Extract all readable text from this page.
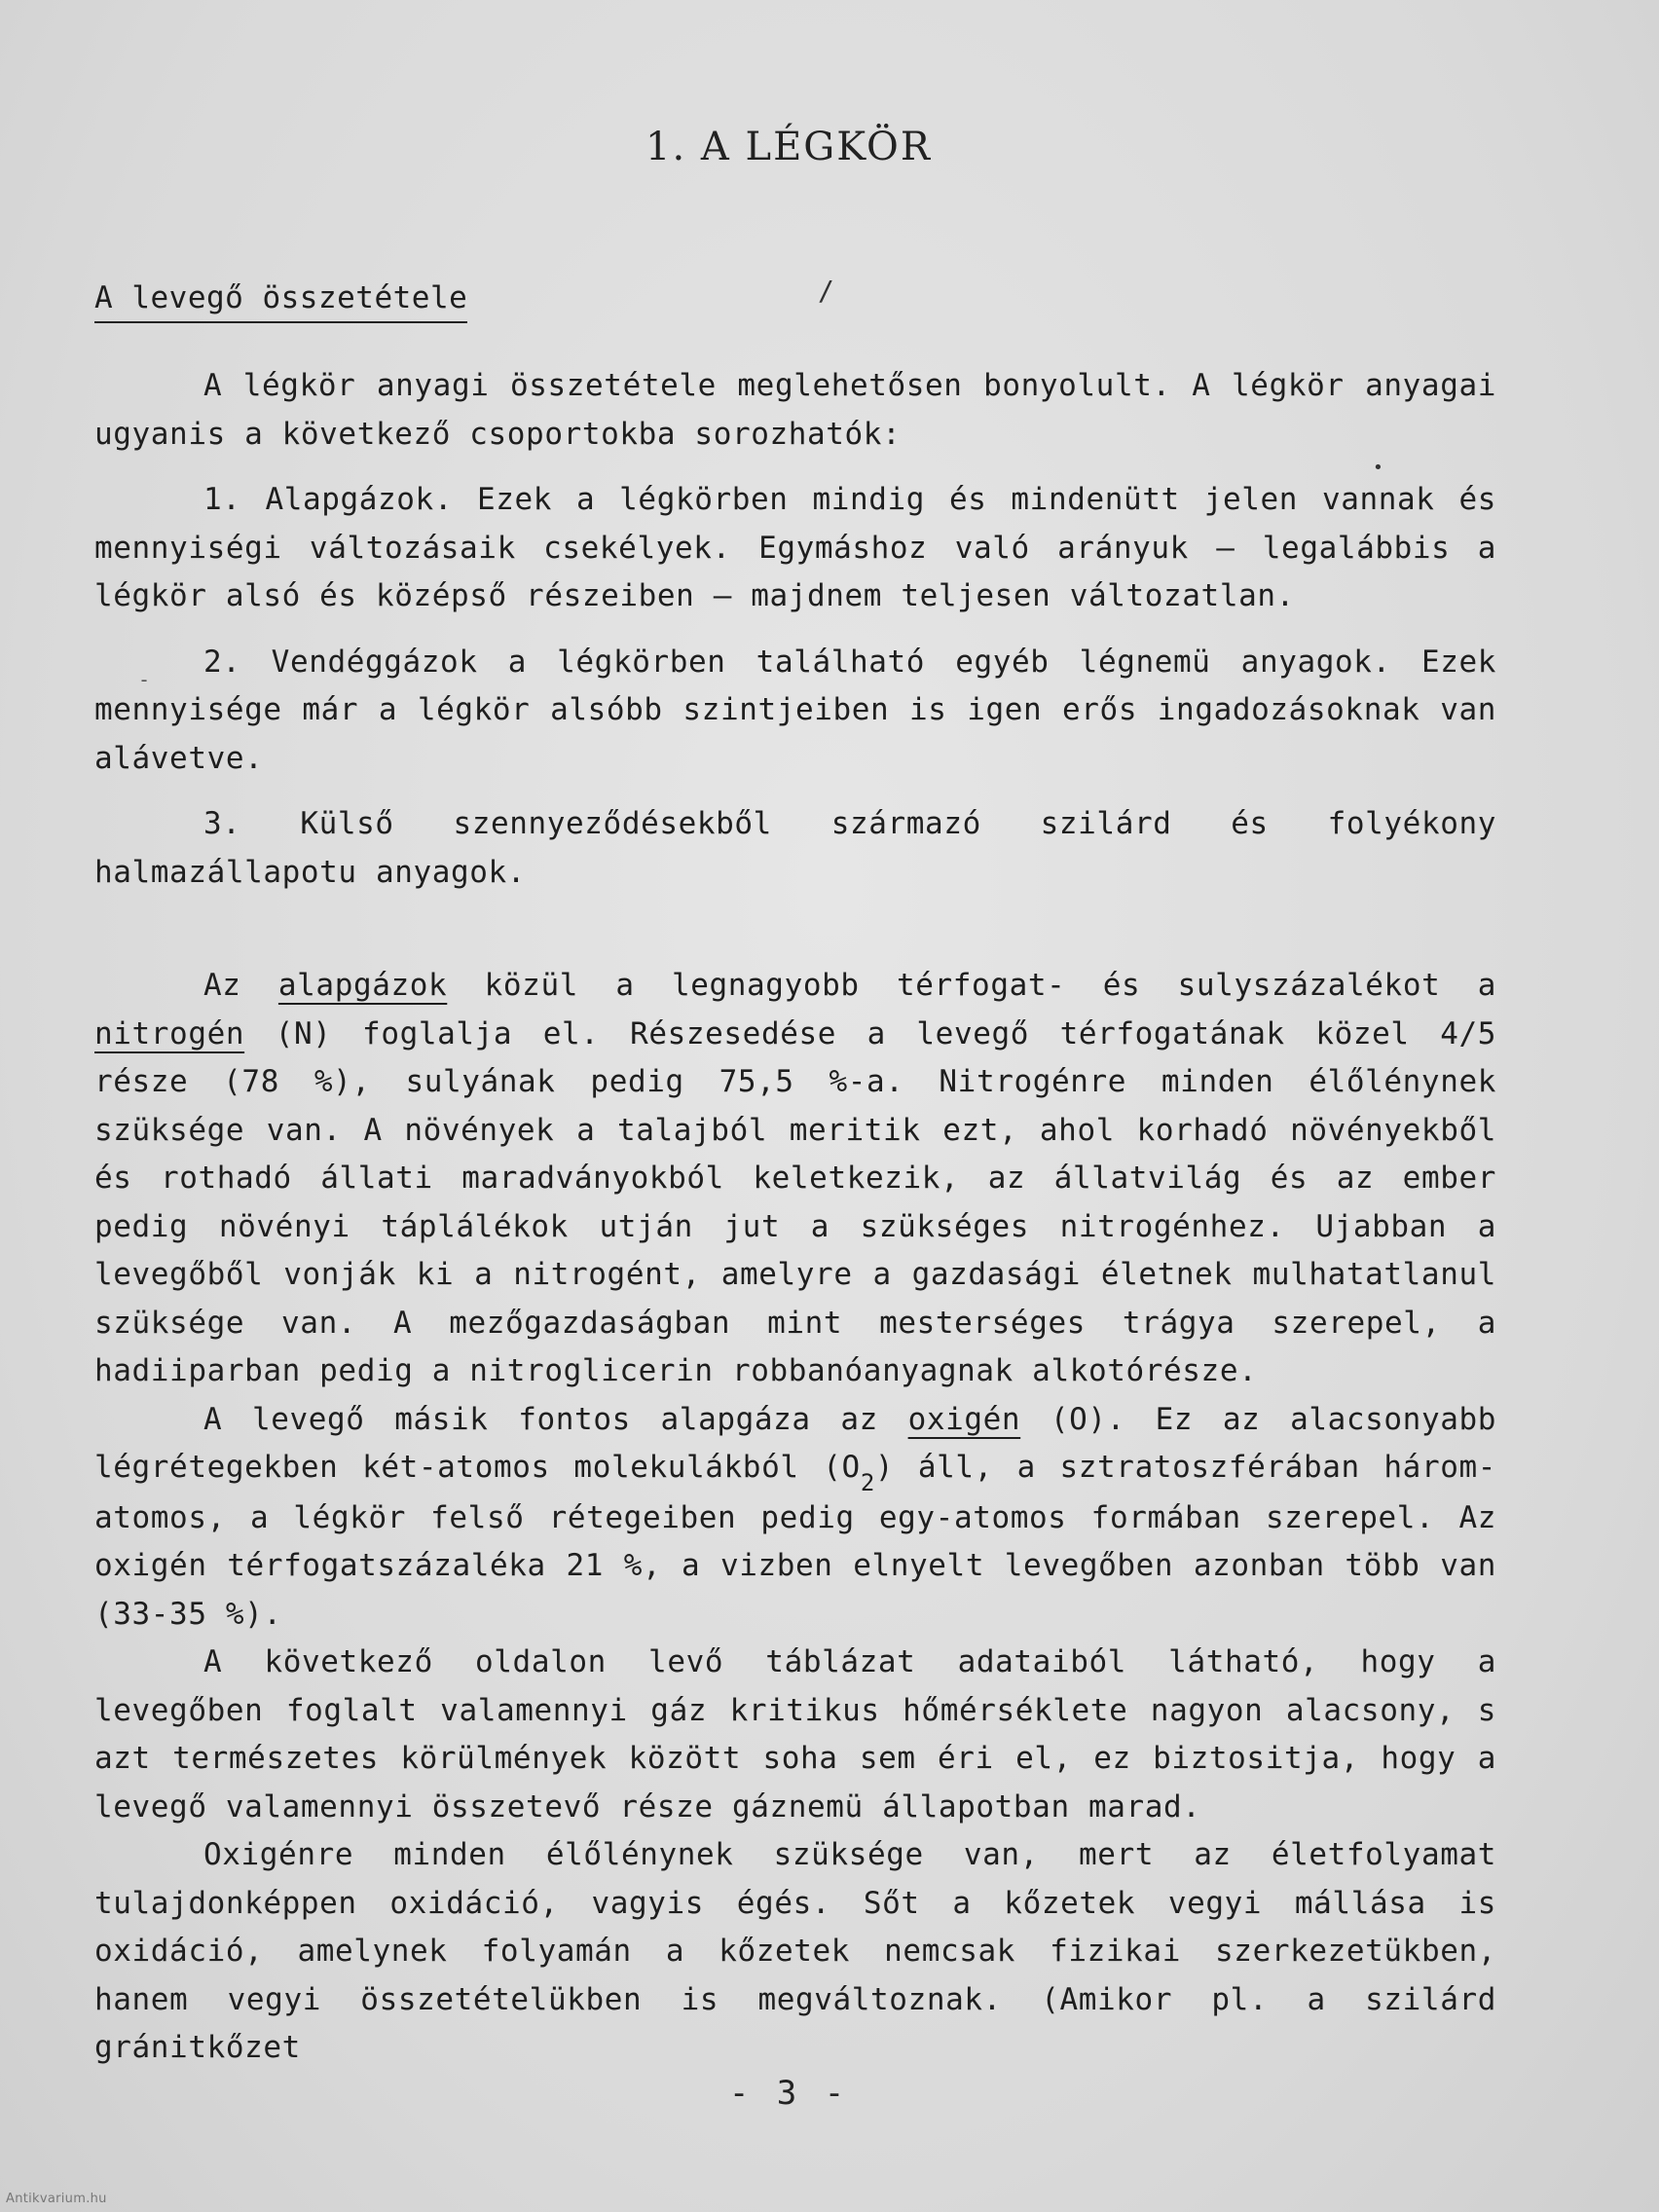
1. A LÉGKÖR
A levegő összetétele	/
•
-

A légkör anyagi összetétele meglehetősen bonyolult. A légkör anyagai ugyanis a következő csoportokba sorozhatók:

1. Alapgázok. Ezek a légkörben mindig és mindenütt jelen vannak és mennyiségi változásaik csekélyek. Egymáshoz való arányuk – legalábbis a légkör alsó és középső részeiben – majdnem teljesen változatlan.

2. Vendéggázok a légkörben található egyéb légnemü anyagok. Ezek mennyisége már a légkör alsóbb szintjeiben is igen erős ingadozásoknak van alávetve.

3. Külső szennyeződésekből származó szilárd és folyékony halmazállapotu anyagok.

Az alapgázok közül a legnagyobb térfogat- és sulyszázalékot a nitrogén (N) foglalja el. Részesedése a levegő térfogatának közel 4/5 része (78 %), sulyának pedig 75,5 %-a. Nitrogénre minden élőlénynek szüksége van. A növények a talajból meritik ezt, ahol korhadó növényekből és rothadó állati maradványokból keletkezik, az állatvilág és az ember pedig növényi táplálékok utján jut a szükséges nitrogénhez. Ujabban a levegőből vonják ki a nitrogént, amelyre a gazdasági életnek mulhatatlanul szüksége van. A mezőgazdaságban mint mesterséges trágya szerepel, a hadiiparban pedig a nitroglicerin robbanóanyagnak alkotórésze.

A levegő másik fontos alapgáza az oxigén (O). Ez az alacsonyabb légrétegekben két-atomos molekulákból $(O_2)$ áll, a sztratoszférában három-atomos, a légkör felső rétegeiben pedig egy-atomos formában szerepel. Az oxigén térfogatszázaléka 21 %, a vizben elnyelt levegőben azonban több van (33-35 %).

A következő oldalon levő táblázat adataiból látható, hogy a levegőben foglalt valamennyi gáz kritikus hőmérséklete nagyon alacsony, s azt természetes körülmények között soha sem éri el, ez biztositja, hogy a levegő valamennyi összetevő része gáznemü állapotban marad.

Oxigénre minden élőlénynek szüksége van, mert az életfolyamat tulajdonképpen oxidáció, vagyis égés. Sőt a kőzetek vegyi mállása is oxidáció, amelynek folyamán a kőzetek nemcsak fizikai szerkezetükben, hanem vegyi összetételükben is megváltoznak. (Amikor pl. a szilárd gránitkőzet

- 3 -
Antikvarium.hu
